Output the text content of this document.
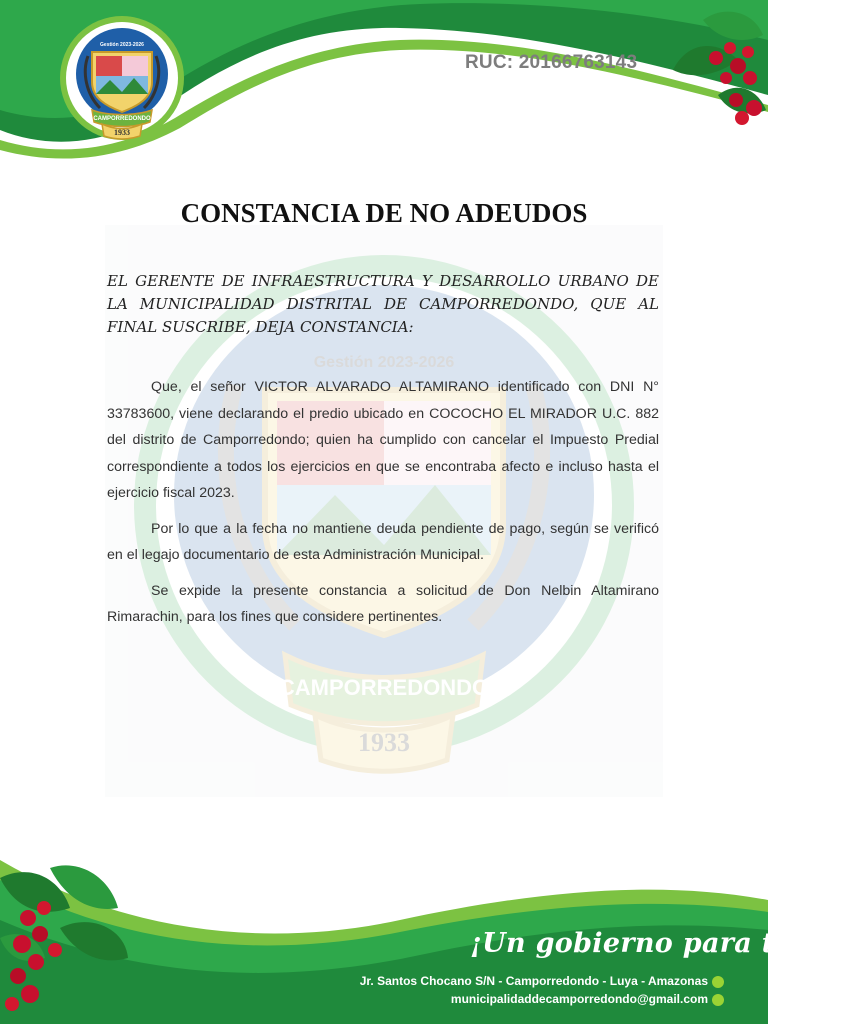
Gestión 2023-2026
CAMPORREDONDO
1933
RUC: 20166763143
Gestión 2023-2026
CAMPORREDONDO
1933
CONSTANCIA DE NO ADEUDOS

EL GERENTE DE INFRAESTRUCTURA Y DESARROLLO URBANO DE LA MUNICIPALIDAD DISTRITAL DE CAMPORREDONDO, QUE AL FINAL SUSCRIBE, DEJA CONSTANCIA:

Que, el señor VICTOR ALVARADO ALTAMIRANO identificado con DNI N° 33783600, viene declarando el predio ubicado en COCOCHO EL MIRADOR U.C. 882 del distrito de Camporredondo; quien ha cumplido con cancelar el Impuesto Predial correspondiente a todos los ejercicios en que se encontraba afecto e incluso hasta el ejercicio fiscal 2023.

Por lo que a la fecha no mantiene deuda pendiente de pago, según se verificó en el legajo documentario de esta Administración Municipal.

Se expide la presente constancia a solicitud de Don Nelbin Altamirano Rimarachin, para los fines que considere pertinentes.

¡Un gobierno para todos!
Jr. Santos Chocano S/N - Camporredondo - Luya - Amazonas
municipalidaddecamporredondo@gmail.com
